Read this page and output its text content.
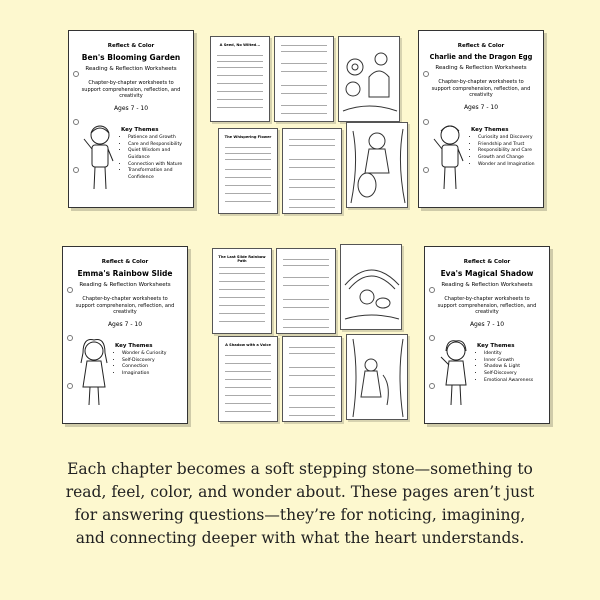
Reflect & Color
Ben's Blooming Garden
Reading & Reflection Worksheets
Chapter-by-chapter worksheets to support comprehension, reflection, and creativity
Ages 7 - 10
Key Themes
• Patience and Growth
• Care and Responsibility
• Quiet Wisdom and Guidance
• Connection with Nature
• Transformation and Confidence
A Seed, No Wilted...
The Whispering Flower
Reflect & Color
Charlie and the Dragon Egg
Reading & Reflection Worksheets
Chapter-by-chapter worksheets to support comprehension, reflection, and creativity
Ages 7 - 10
Key Themes
• Curiosity and Discovery
• Friendship and Trust
• Responsibility and Care
• Growth and Change
• Wonder and Imagination
Reflect & Color
Emma's Rainbow Slide
Reading & Reflection Worksheets
Chapter-by-chapter worksheets to support comprehension, reflection, and creativity
Ages 7 - 10
Key Themes
• Wonder & Curiosity
• Self-Discovery
• Connection
• Imagination
The Last Slide Rainbow Path
A Shadow with a Voice
Reflect & Color
Eva's Magical Shadow
Reading & Reflection Worksheets
Chapter-by-chapter worksheets to support comprehension, reflection, and creativity
Ages 7 - 10
Key Themes
• Identity
• Inner Growth
• Shadow & Light
• Self-Discovery
• Emotional Awareness
Each chapter becomes a soft stepping stone—something to
read, feel, color, and wonder about. These pages aren’t just
for answering questions—they’re for noticing, imagining,
and connecting deeper with what the heart understands.
